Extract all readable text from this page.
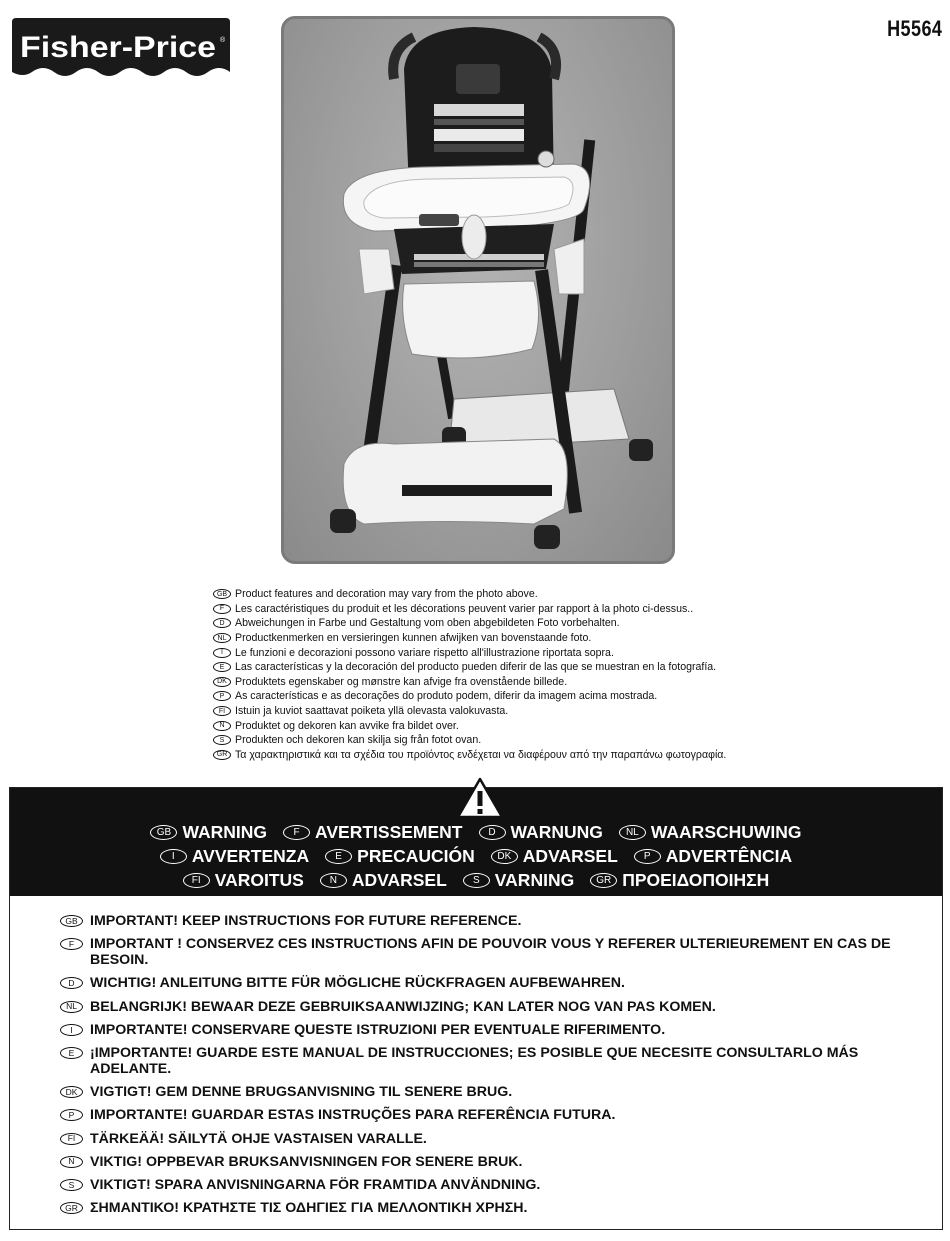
Fisher-Price ®	H5564
GB Product features and decoration may vary from the photo above.
F	Les caractéristiques du produit et les décorations peuvent varier par rapport à la photo ci-dessus..
D Abweichungen in Farbe und Gestaltung vom oben abgebildeten Foto vorbehalten.
NL Productkenmerken en versieringen kunnen afwijken van bovenstaande foto.
I	Le funzioni e decorazioni possono variare rispetto all'illustrazione riportata sopra.
E	Las características y la decoración del producto pueden diferir de las que se muestran en la fotografía.
DK Produktets egenskaber og mønstre kan afvige fra ovenstående billede.
P	As características e as decorações do produto podem, diferir da imagem acima mostrada.
FI Istuin ja kuviot saattavat poiketa yllä olevasta valokuvasta.
N Produktet og dekoren kan avvike fra bildet over.
S	Produkten och dekoren kan skilja sig från fotot ovan.
GR Τα χαρακτηριστικά και τα σχέδια του προϊόντος ενδέχεται να διαφέρουν από την παραπάνω φωτογραφία.
GB WARNING	F AVERTISSEMENT	D WARNUNG	NL WAARSCHUWING
I AVVERTENZA	E PRECAUCIÓN	DK ADVARSEL	P ADVERTÊNCIA
FI VAROITUS	N ADVARSEL	S VARNING	GR ΠΡΟΕΙΔΟΠΟΙΗΣΗ
GB IMPORTANT! KEEP INSTRUCTIONS FOR FUTURE REFERENCE.
F	IMPORTANT ! CONSERVEZ CES INSTRUCTIONS AFIN DE POUVOIR VOUS Y REFERER ULTERIEUREMENT EN CAS DE BESOIN.
D	WICHTIG! ANLEITUNG BITTE FÜR MÖGLICHE RÜCKFRAGEN AUFBEWAHREN.
NL BELANGRIJK! BEWAAR DEZE GEBRUIKSAANWIJZING; KAN LATER NOG VAN PAS KOMEN.
I	IMPORTANTE! CONSERVARE QUESTE ISTRUZIONI PER EVENTUALE RIFERIMENTO.
E	¡IMPORTANTE! GUARDE ESTE MANUAL DE INSTRUCCIONES; ES POSIBLE QUE NECESITE CONSULTARLO MÁS ADELANTE.
DK VIGTIGT! GEM DENNE BRUGSANVISNING TIL SENERE BRUG.
P	IMPORTANTE! GUARDAR ESTAS INSTRUÇÕES PARA REFERÊNCIA FUTURA.
FI	TÄRKEÄÄ! SÄILYTÄ OHJE VASTAISEN VARALLE.
N	VIKTIG! OPPBEVAR BRUKSANVISNINGEN FOR SENERE BRUK.
S	VIKTIGT! SPARA ANVISNINGARNA FÖR FRAMTIDA ANVÄNDNING.
GR ΣΗΜΑΝΤΙΚΟ! ΚΡΑΤΗΣΤΕ ΤΙΣ ΟΔΗΓΙΕΣ ΓΙΑ ΜΕΛΛΟΝΤΙΚΗ ΧΡΗΣΗ.
